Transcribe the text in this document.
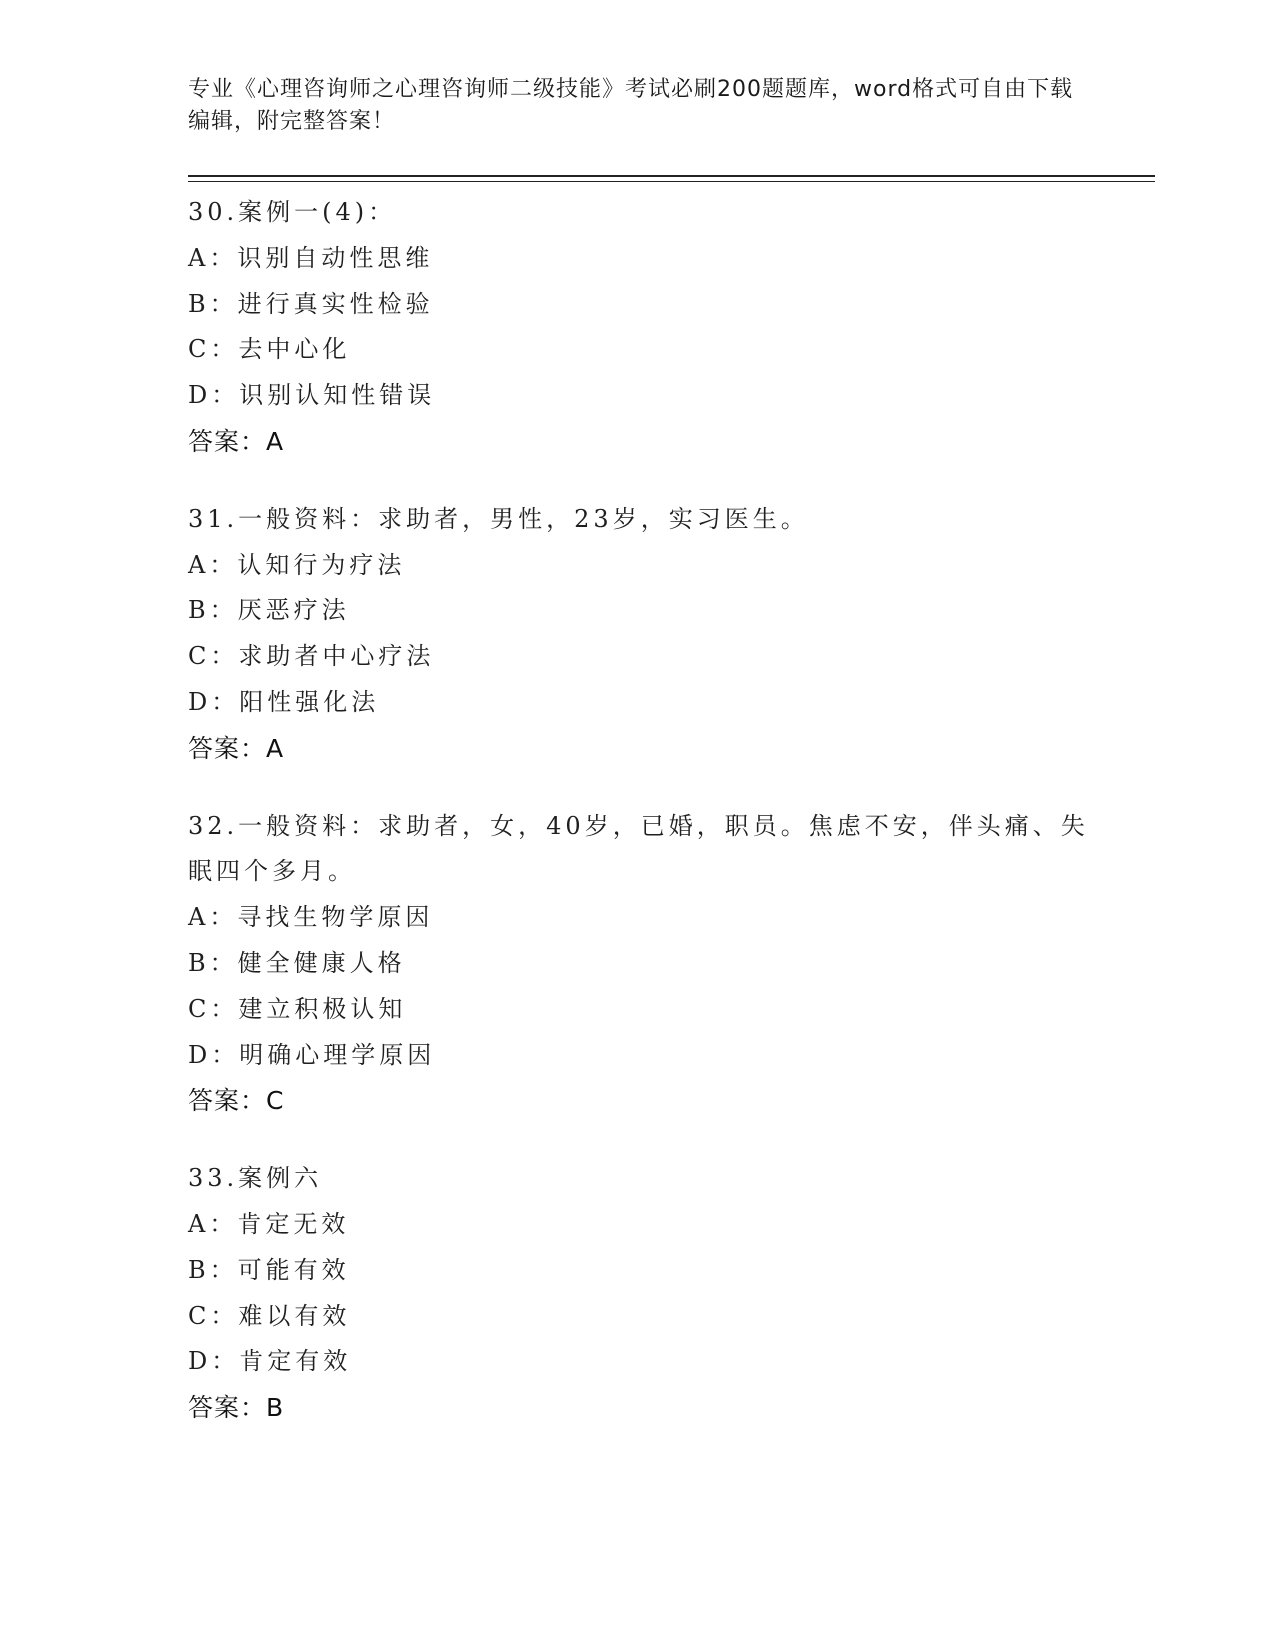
专业《心理咨询师之心理咨询师二级技能》考试必刷200题题库，word格式可自由下载编辑，附完整答案！

30.案例一(4)：

A：识别自动性思维

B：进行真实性检验

C：去中心化

D：识别认知性错误

答案：A

31.一般资料：求助者，男性，23岁，实习医生。

A：认知行为疗法

B：厌恶疗法

C：求助者中心疗法

D：阳性强化法

答案：A

32.一般资料：求助者，女，40岁，已婚，职员。焦虑不安，伴头痛、失眠四个多月。

A：寻找生物学原因

B：健全健康人格

C：建立积极认知

D：明确心理学原因

答案：C

33.案例六

A：肯定无效

B：可能有效

C：难以有效

D：肯定有效

答案：B
